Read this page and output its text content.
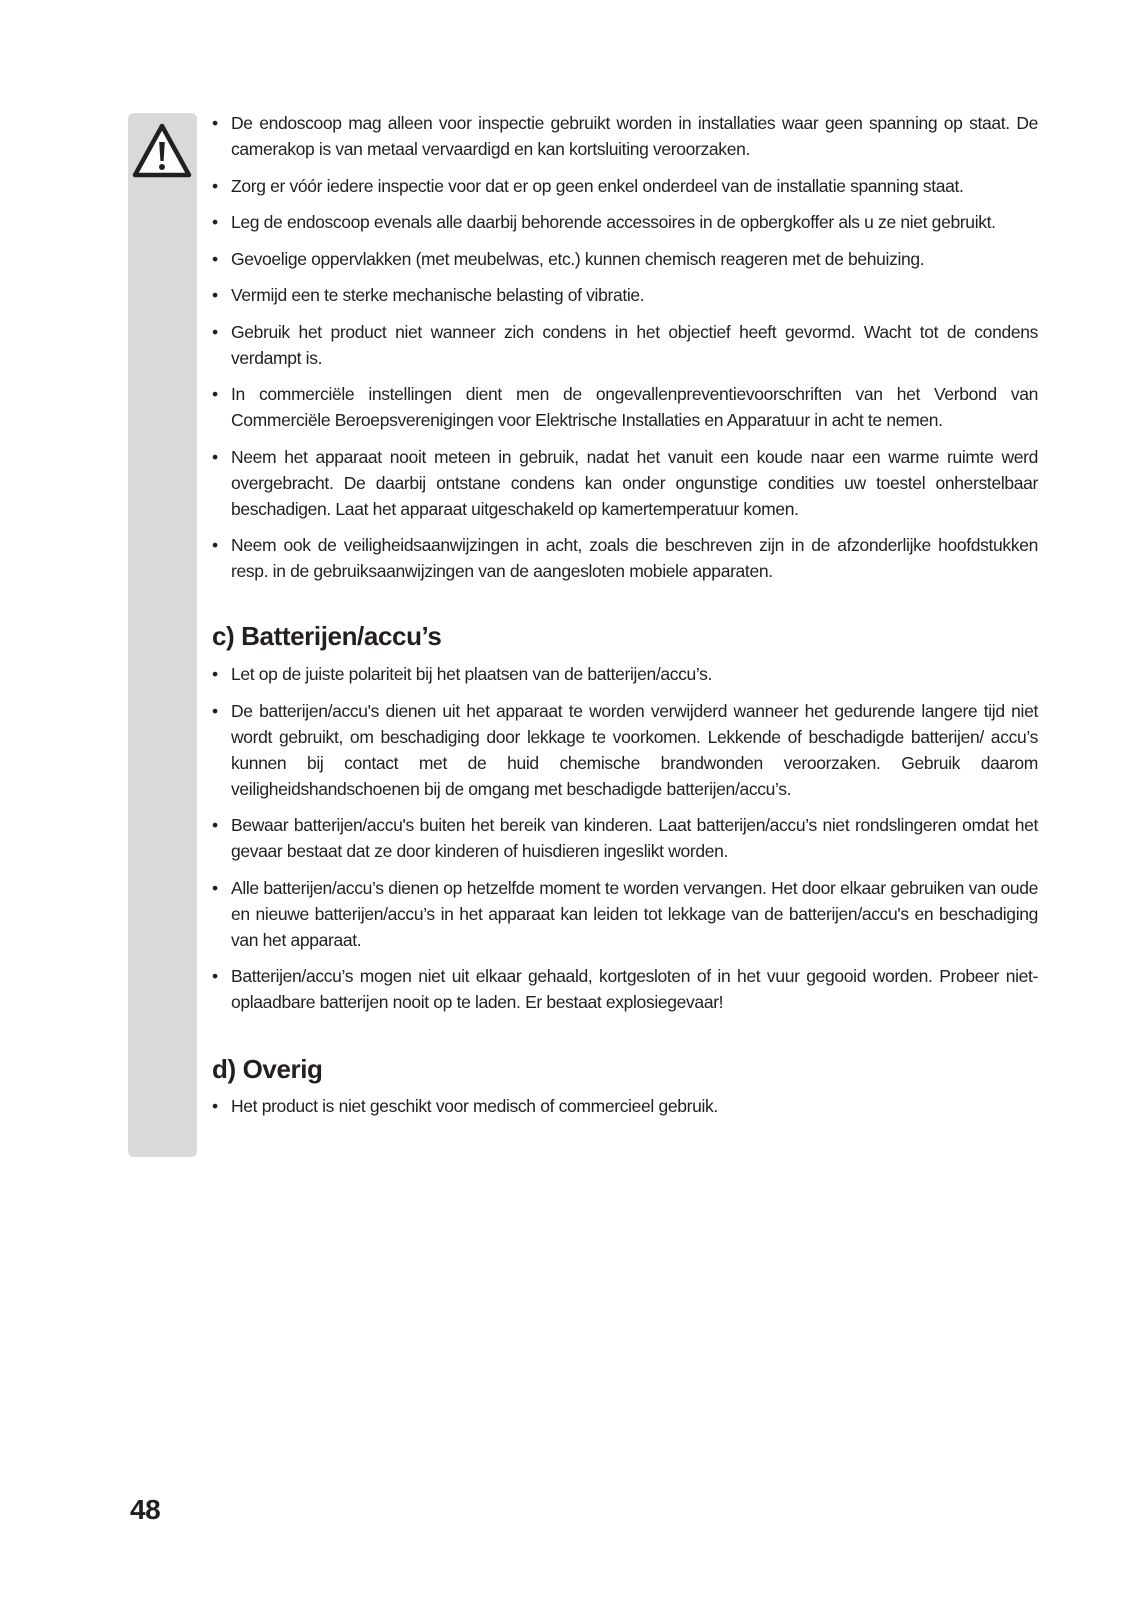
• De endoscoop mag alleen voor inspectie gebruikt worden in installaties waar geen spanning op staat. De camerakop is van metaal vervaardigd en kan kortsluiting veroorzaken.
• Zorg er vóór iedere inspectie voor dat er op geen enkel onderdeel van de installatie spanning staat.
• Leg de endoscoop evenals alle daarbij behorende accessoires in de opbergkoffer als u ze niet gebruikt.
• Gevoelige oppervlakken (met meubelwas, etc.) kunnen chemisch reageren met de behuizing.
• Vermijd een te sterke mechanische belasting of vibratie.
• Gebruik het product niet wanneer zich condens in het objectief heeft gevormd. Wacht tot de condens verdampt is.
• In commerciële instellingen dient men de ongevallenpreventievoorschriften van het Verbond van Commerciële Beroepsverenigingen voor Elektrische Installaties en Apparatuur in acht te nemen.
• Neem het apparaat nooit meteen in gebruik, nadat het vanuit een koude naar een warme ruimte werd overgebracht. De daarbij ontstane condens kan onder ongunstige condities uw toestel onherstelbaar beschadigen. Laat het apparaat uitgeschakeld op kamertemperatuur komen.
• Neem ook de veiligheidsaanwijzingen in acht, zoals die beschreven zijn in de afzonderlijke hoofdstukken resp. in de gebruiksaanwijzingen van de aangesloten mobiele apparaten.
c) Batterijen/accu’s
• Let op de juiste polariteit bij het plaatsen van de batterijen/accu’s.
• De batterijen/accu's dienen uit het apparaat te worden verwijderd wanneer het gedurende langere tijd niet wordt gebruikt, om beschadiging door lekkage te voorkomen. Lekkende of beschadigde batterijen/ accu’s kunnen bij contact met de huid chemische brandwonden veroorzaken. Gebruik daarom veiligheidshandschoenen bij de omgang met beschadigde batterijen/accu’s.
• Bewaar batterijen/accu's buiten het bereik van kinderen. Laat batterijen/accu’s niet rondslingeren omdat het gevaar bestaat dat ze door kinderen of huisdieren ingeslikt worden.
• Alle batterijen/accu’s dienen op hetzelfde moment te worden vervangen. Het door elkaar gebruiken van oude en nieuwe batterijen/accu’s in het apparaat kan leiden tot lekkage van de batterijen/accu's en beschadiging van het apparaat.
• Batterijen/accu’s mogen niet uit elkaar gehaald, kortgesloten of in het vuur gegooid worden. Probeer niet-oplaadbare batterijen nooit op te laden. Er bestaat explosiegevaar!
d) Overig
• Het product is niet geschikt voor medisch of commercieel gebruik.
48
